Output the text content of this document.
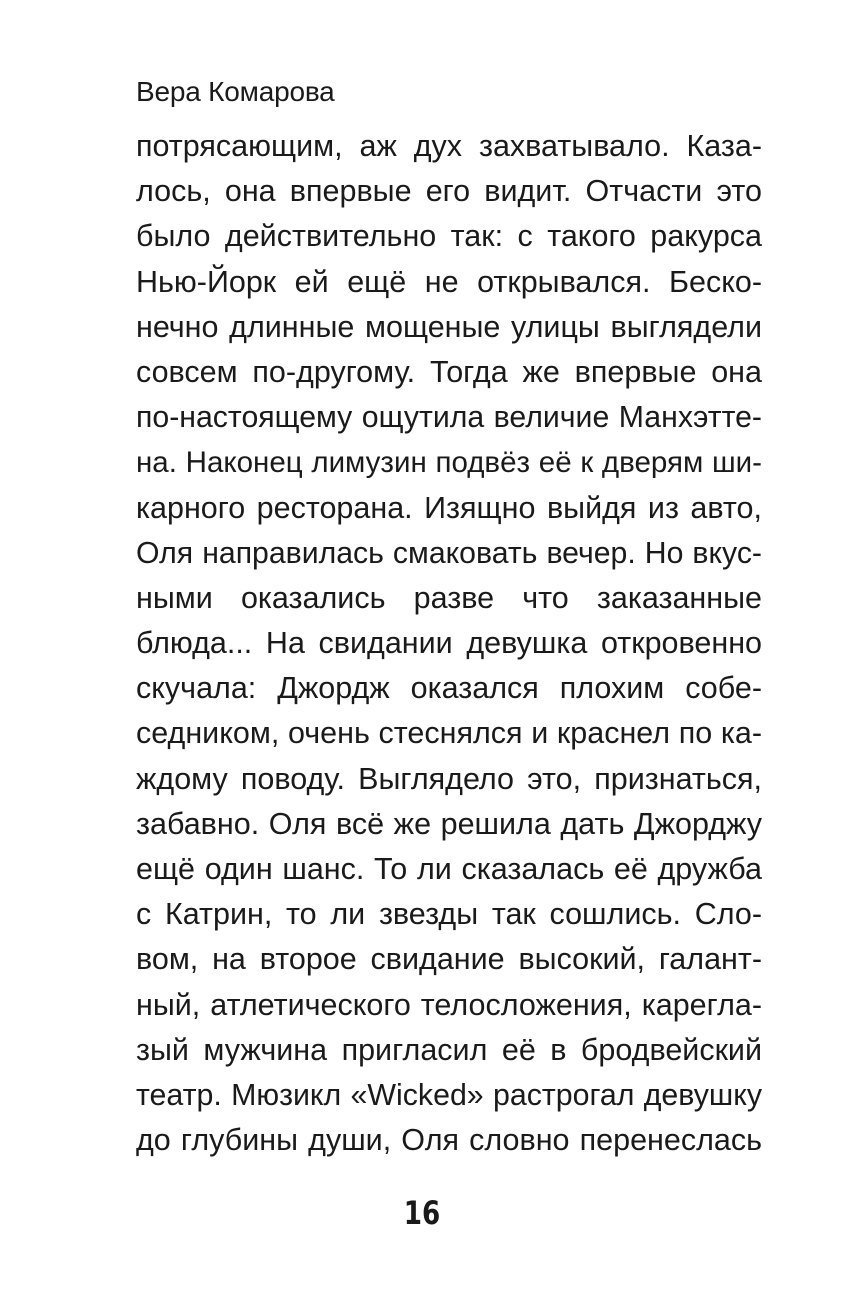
Вера Комарова
потрясающим, аж дух захватывало. Каза-
лось, она впервые его видит. Отчасти это
было действительно так: с такого ракурса
Нью-Йорк ей ещё не открывался. Беско-
нечно длинные мощеные улицы выглядели
совсем по-другому. Тогда же впервые она
по-настоящему ощутила величие Манхэтте-
на. Наконец лимузин подвёз её к дверям ши-
карного ресторана. Изящно выйдя из авто,
Оля направилась смаковать вечер. Но вкус-
ными оказались разве что заказанные
блюда... На свидании девушка откровенно
скучала: Джордж оказался плохим собе-
седником, очень стеснялся и краснел по ка-
ждому поводу. Выглядело это, признаться,
забавно. Оля всё же решила дать Джорджу
ещё один шанс. То ли сказалась её дружба
с Катрин, то ли звезды так сошлись. Сло-
вом, на второе свидание высокий, галант-
ный, атлетического телосложения, карегла-
зый мужчина пригласил её в бродвейский
театр. Мюзикл «Wicked» растрогал девушку
до глубины души, Оля словно перенеслась
16
